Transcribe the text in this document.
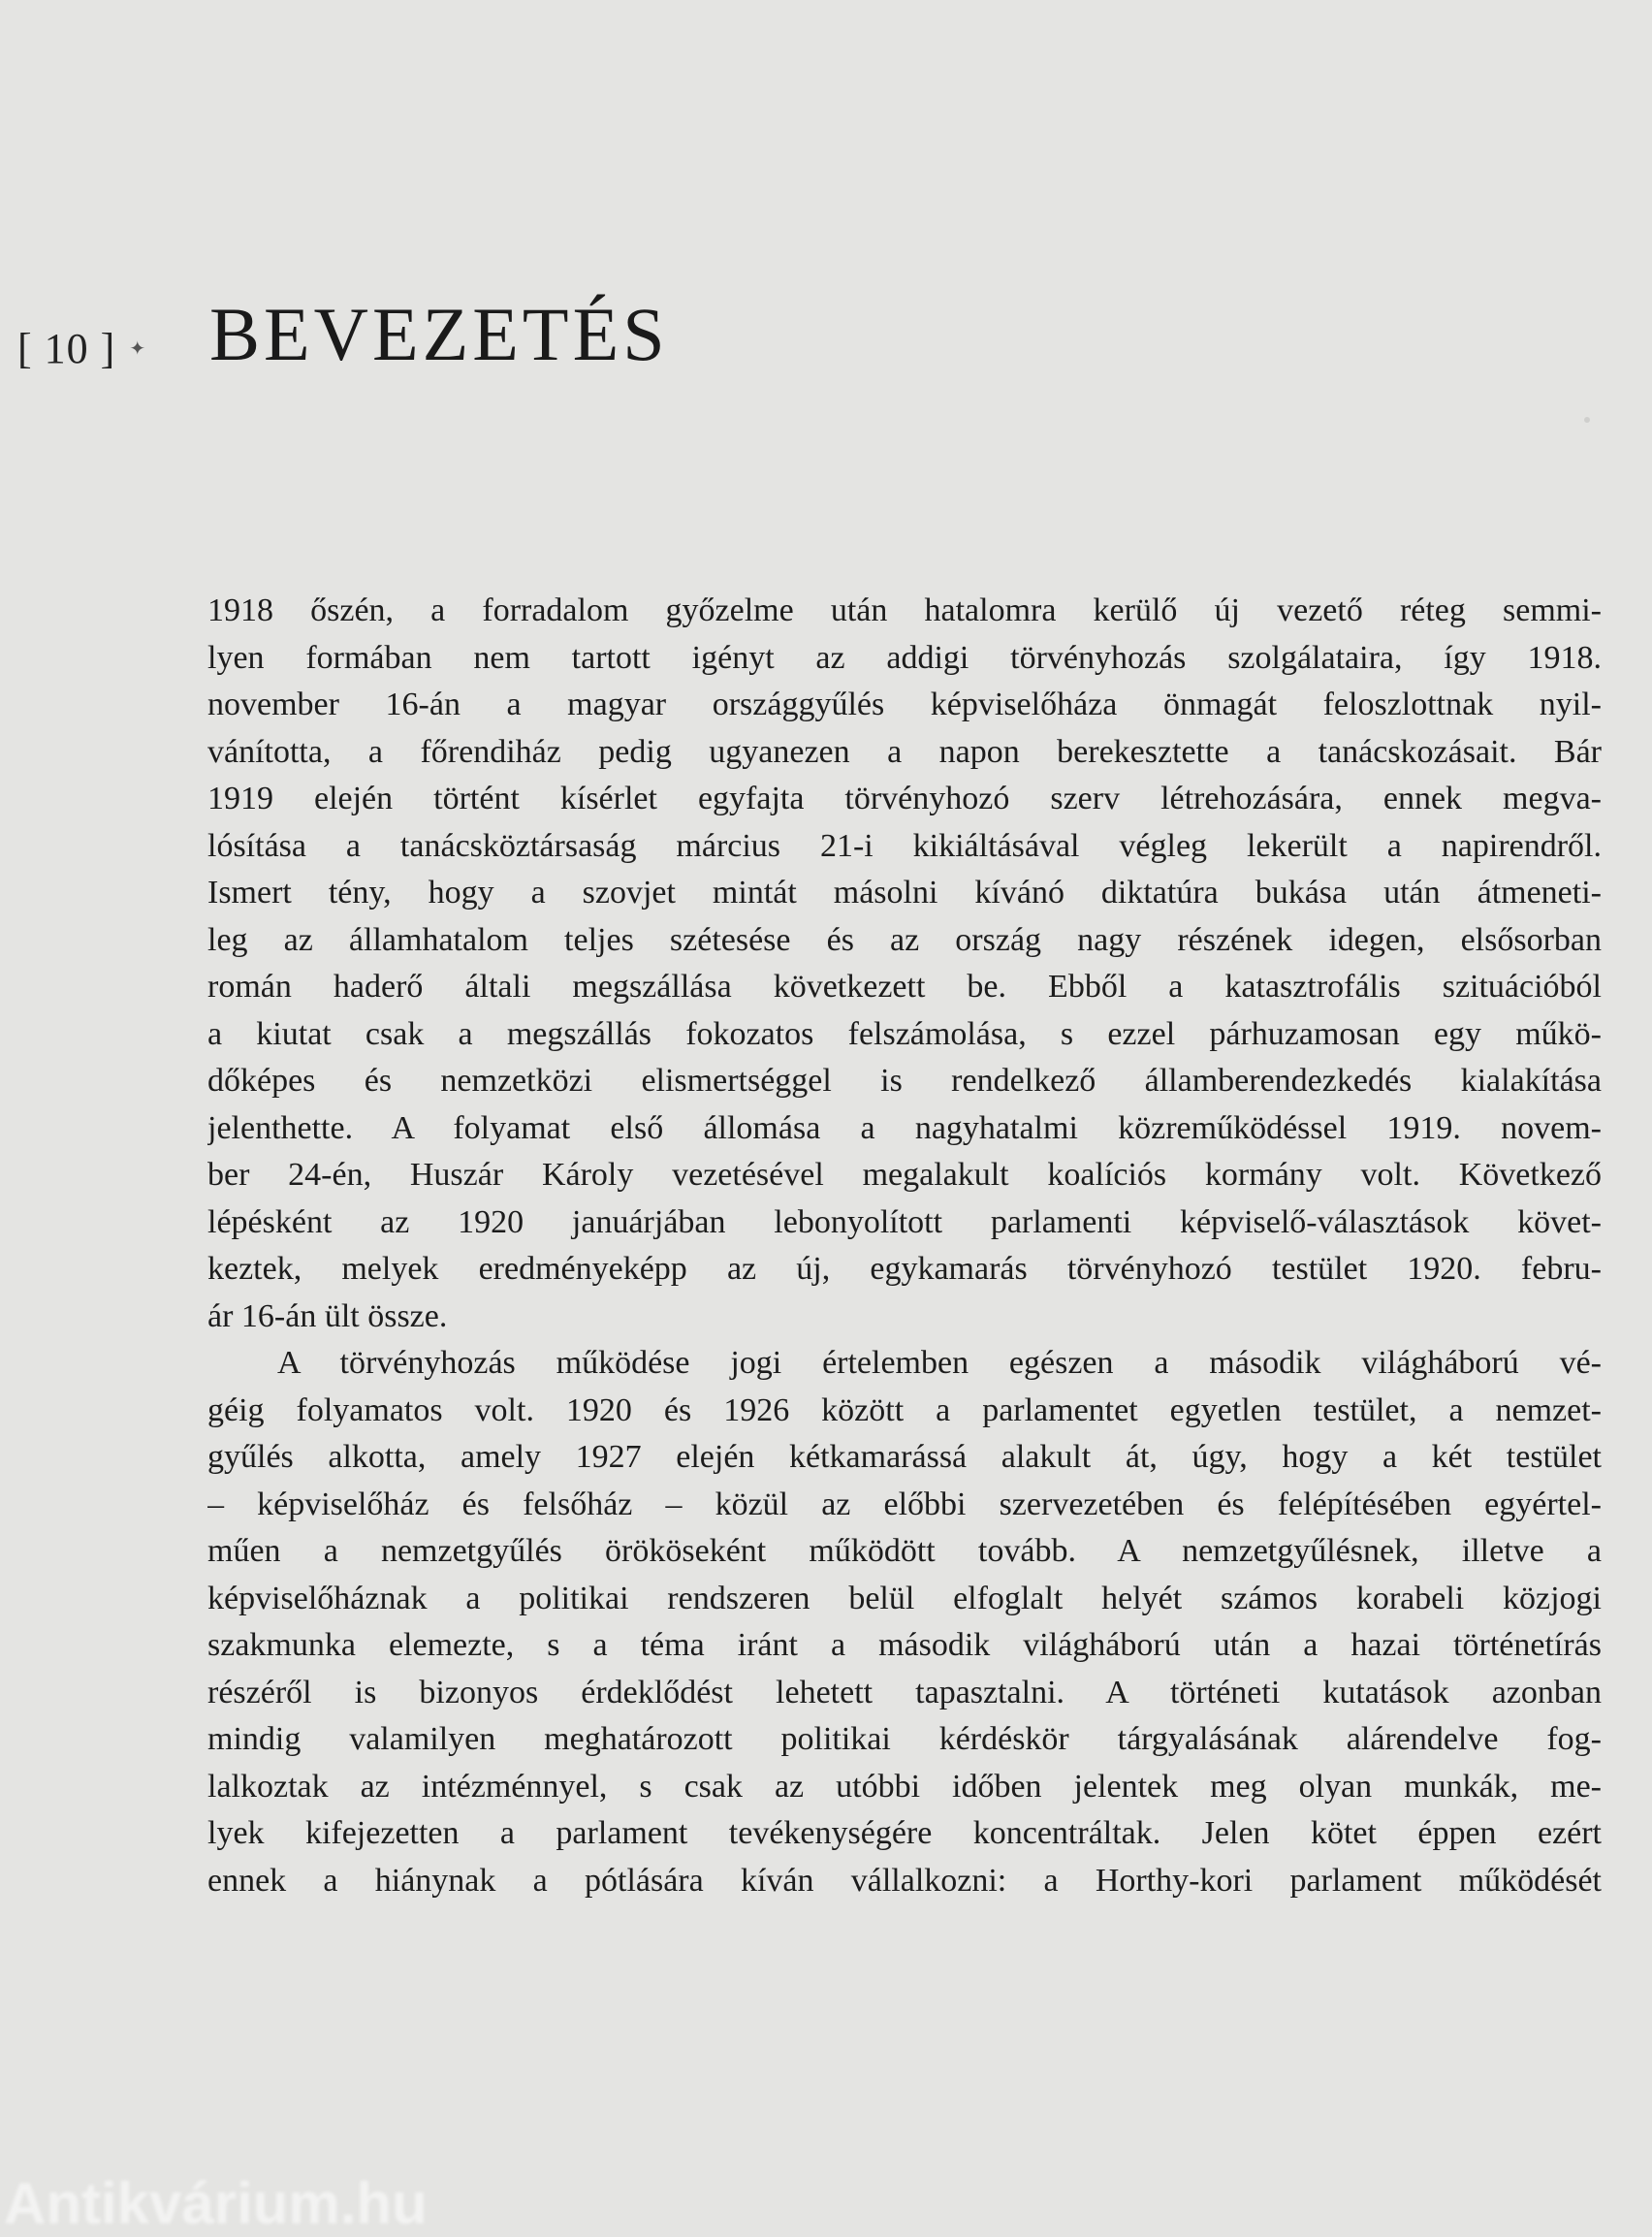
[ 10 ] ✦ BEVEZETÉS
1918 őszén, a forradalom győzelme után hatalomra kerülő új vezető réteg semmi-
lyen formában nem tartott igényt az addigi törvényhozás szolgálataira, így 1918.
november 16-án a magyar országgyűlés képviselőháza önmagát feloszlottnak nyil-
vánította, a főrendiház pedig ugyanezen a napon berekesztette a tanácskozásait. Bár
1919 elején történt kísérlet egyfajta törvényhozó szerv létrehozására, ennek megva-
lósítása a tanácsköztársaság március 21-i kikiáltásával végleg lekerült a napirendről.
Ismert tény, hogy a szovjet mintát másolni kívánó diktatúra bukása után átmeneti-
leg az államhatalom teljes szétesése és az ország nagy részének idegen, elsősorban
román haderő általi megszállása következett be. Ebből a katasztrofális szituációból
a kiutat csak a megszállás fokozatos felszámolása, s ezzel párhuzamosan egy műkö-
dőképes és nemzetközi elismertséggel is rendelkező államberendezkedés kialakítása
jelenthette. A folyamat első állomása a nagyhatalmi közreműködéssel 1919. novem-
ber 24-én, Huszár Károly vezetésével megalakult koalíciós kormány volt. Következő
lépésként az 1920 januárjában lebonyolított parlamenti képviselő-választások követ-
keztek, melyek eredményeképp az új, egykamarás törvényhozó testület 1920. febru-
ár 16-án ült össze.
A törvényhozás működése jogi értelemben egészen a második világháború vé-
géig folyamatos volt. 1920 és 1926 között a parlamentet egyetlen testület, a nemzet-
gyűlés alkotta, amely 1927 elején kétkamarássá alakult át, úgy, hogy a két testület
– képviselőház és felsőház – közül az előbbi szervezetében és felépítésében egyértel-
műen a nemzetgyűlés örököseként működött tovább. A nemzetgyűlésnek, illetve a
képviselőháznak a politikai rendszeren belül elfoglalt helyét számos korabeli közjogi
szakmunka elemezte, s a téma iránt a második világháború után a hazai történetírás
részéről is bizonyos érdeklődést lehetett tapasztalni. A történeti kutatások azonban
mindig valamilyen meghatározott politikai kérdéskör tárgyalásának alárendelve fog-
lalkoztak az intézménnyel, s csak az utóbbi időben jelentek meg olyan munkák, me-
lyek kifejezetten a parlament tevékenységére koncentráltak. Jelen kötet éppen ezért
ennek a hiánynak a pótlására kíván vállalkozni: a Horthy-kori parlament működését
Antikvárium.hu
